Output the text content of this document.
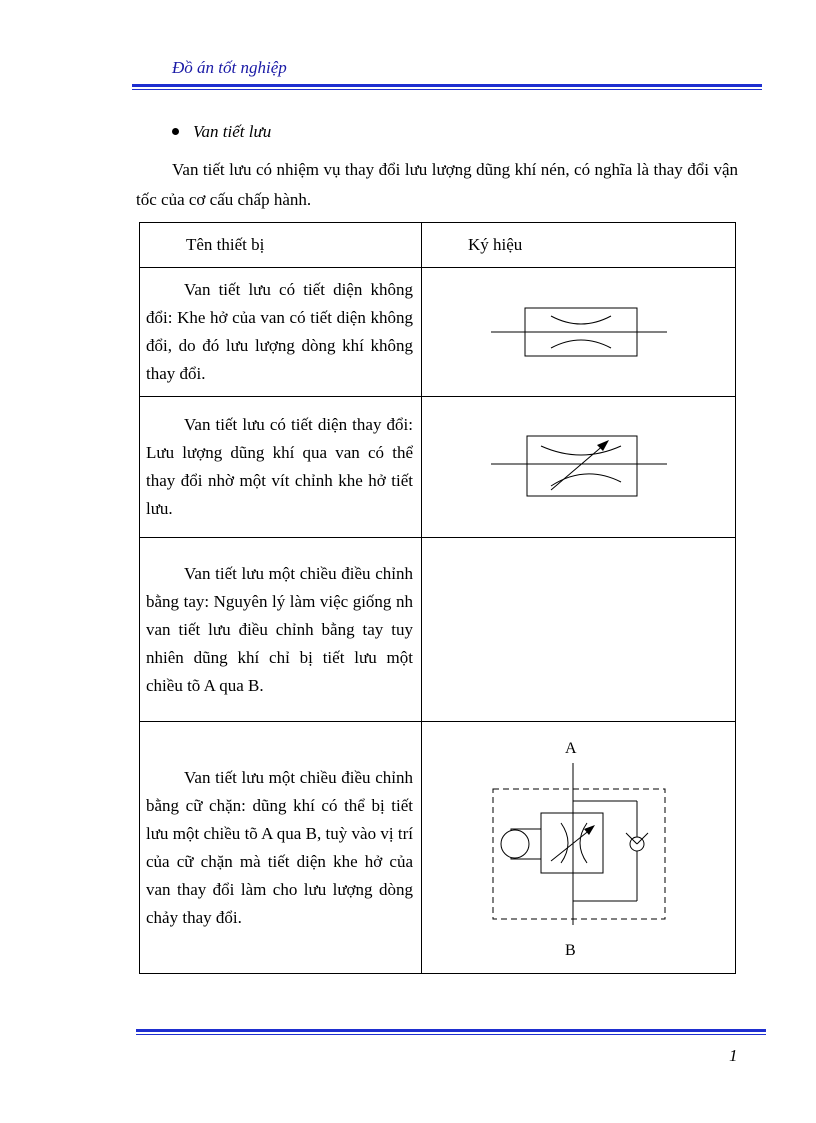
Đồ án tốt nghiệp
Van tiết lưu
Van tiết lưu có nhiệm vụ thay đổi lưu lượng dũng khí nén, có nghĩa là thay đổi vận tốc của cơ cấu chấp hành.
Tên thiết bị	Ký hiệu
Van tiết lưu có tiết diện không đổi: Khe hở của van có tiết diện không đổi, do đó lưu lượng dòng khí không thay đổi.	

Van tiết lưu có tiết diện thay đổi: Lưu lượng dũng khí qua van có thể thay đổi nhờ một vít chỉnh khe hở tiết lưu.	

Van tiết lưu một chiều điều chỉnh bằng tay: Nguyên lý làm việc giống nh van tiết lưu điều chỉnh bằng tay tuy nhiên dũng khí chỉ bị tiết lưu một chiều tõ A qua B.	
Van tiết lưu một chiều điều chỉnh bằng cữ chặn: dũng khí có thể bị tiết lưu một chiều tõ A qua B, tuỳ vào vị trí của cữ chặn mà tiết diện khe hở của van thay đổi làm cho lưu lượng dòng chảy thay đổi.	A
B
1
